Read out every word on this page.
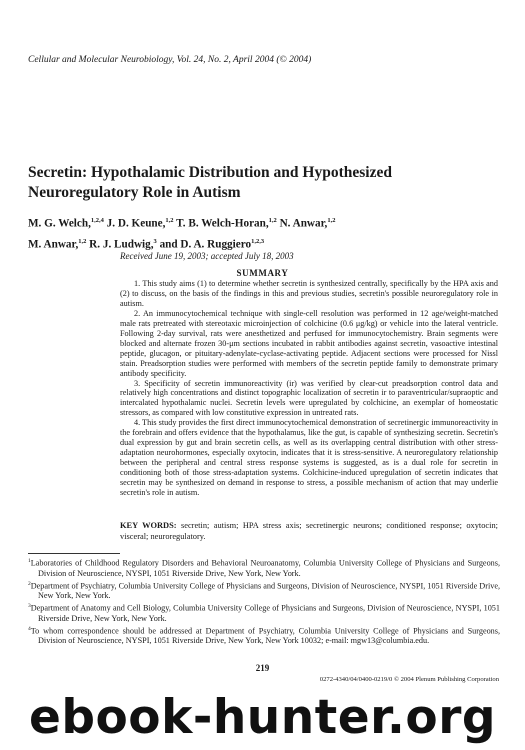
Cellular and Molecular Neurobiology, Vol. 24, No. 2, April 2004 (© 2004)
Secretin: Hypothalamic Distribution and Hypothesized
Neuroregulatory Role in Autism
M. G. Welch,$^{1,2,4}$ J. D. Keune,$^{1,2}$ T. B. Welch-Horan,$^{1,2}$ N. Anwar,$^{1,2}$
M. Anwar,$^{1,2}$ R. J. Ludwig,$^3$ and D. A. Ruggiero$^{1,2,3}$
Received June 19, 2003; accepted July 18, 2003
SUMMARY

1. This study aims (1) to determine whether secretin is synthesized centrally, specifically by the HPA axis and (2) to discuss, on the basis of the findings in this and previous studies, secretin's possible neuroregulatory role in autism.

2. An immunocytochemical technique with single-cell resolution was performed in 12 age/weight-matched male rats pretreated with stereotaxic microinjection of colchicine (0.6 μg/kg) or vehicle into the lateral ventricle. Following 2-day survival, rats were anesthetized and perfused for immunocytochemistry. Brain segments were blocked and alternate frozen 30-μm sections incubated in rabbit antibodies against secretin, vasoactive intestinal peptide, glucagon, or pituitary-adenylate-cyclase-activating peptide. Adjacent sections were processed for Nissl stain. Preadsorption studies were performed with members of the secretin peptide family to demonstrate primary antibody specificity.

3. Specificity of secretin immunoreactivity (ir) was verified by clear-cut preadsorption control data and relatively high concentrations and distinct topographic localization of secretin ir to paraventricular/supraoptic and intercalated hypothalamic nuclei. Secretin levels were upregulated by colchicine, an exemplar of homeostatic stressors, as compared with low constitutive expression in untreated rats.

4. This study provides the first direct immunocytochemical demonstration of secretinergic immunoreactivity in the forebrain and offers evidence that the hypothalamus, like the gut, is capable of synthesizing secretin. Secretin's dual expression by gut and brain secretin cells, as well as its overlapping central distribution with other stress-adaptation neurohormones, especially oxytocin, indicates that it is stress-sensitive. A neuroregulatory relationship between the peripheral and central stress response systems is suggested, as is a dual role for secretin in conditioning both of those stress-adaptation systems. Colchicine-induced upregulation of secretin indicates that secretin may be synthesized on demand in response to stress, a possible mechanism of action that may underlie secretin's role in autism.

KEY WORDS: secretin; autism; HPA stress axis; secretinergic neurons; conditioned response; oxytocin; visceral; neuroregulatory.

$^1$Laboratories of Childhood Regulatory Disorders and Behavioral Neuroanatomy, Columbia University College of Physicians and Surgeons, Division of Neuroscience, NYSPI, 1051 Riverside Drive, New York, New York.

$^2$Department of Psychiatry, Columbia University College of Physicians and Surgeons, Division of Neuroscience, NYSPI, 1051 Riverside Drive, New York, New York.

$^3$Department of Anatomy and Cell Biology, Columbia University College of Physicians and Surgeons, Division of Neuroscience, NYSPI, 1051 Riverside Drive, New York, New York.

$^4$To whom correspondence should be addressed at Department of Psychiatry, Columbia University College of Physicians and Surgeons, Division of Neuroscience, NYSPI, 1051 Riverside Drive, New York, New York 10032; e-mail: mgw13@columbia.edu.

219
0272-4340/04/0400-0219/0 © 2004 Plenum Publishing Corporation
ebook-hunter.org
